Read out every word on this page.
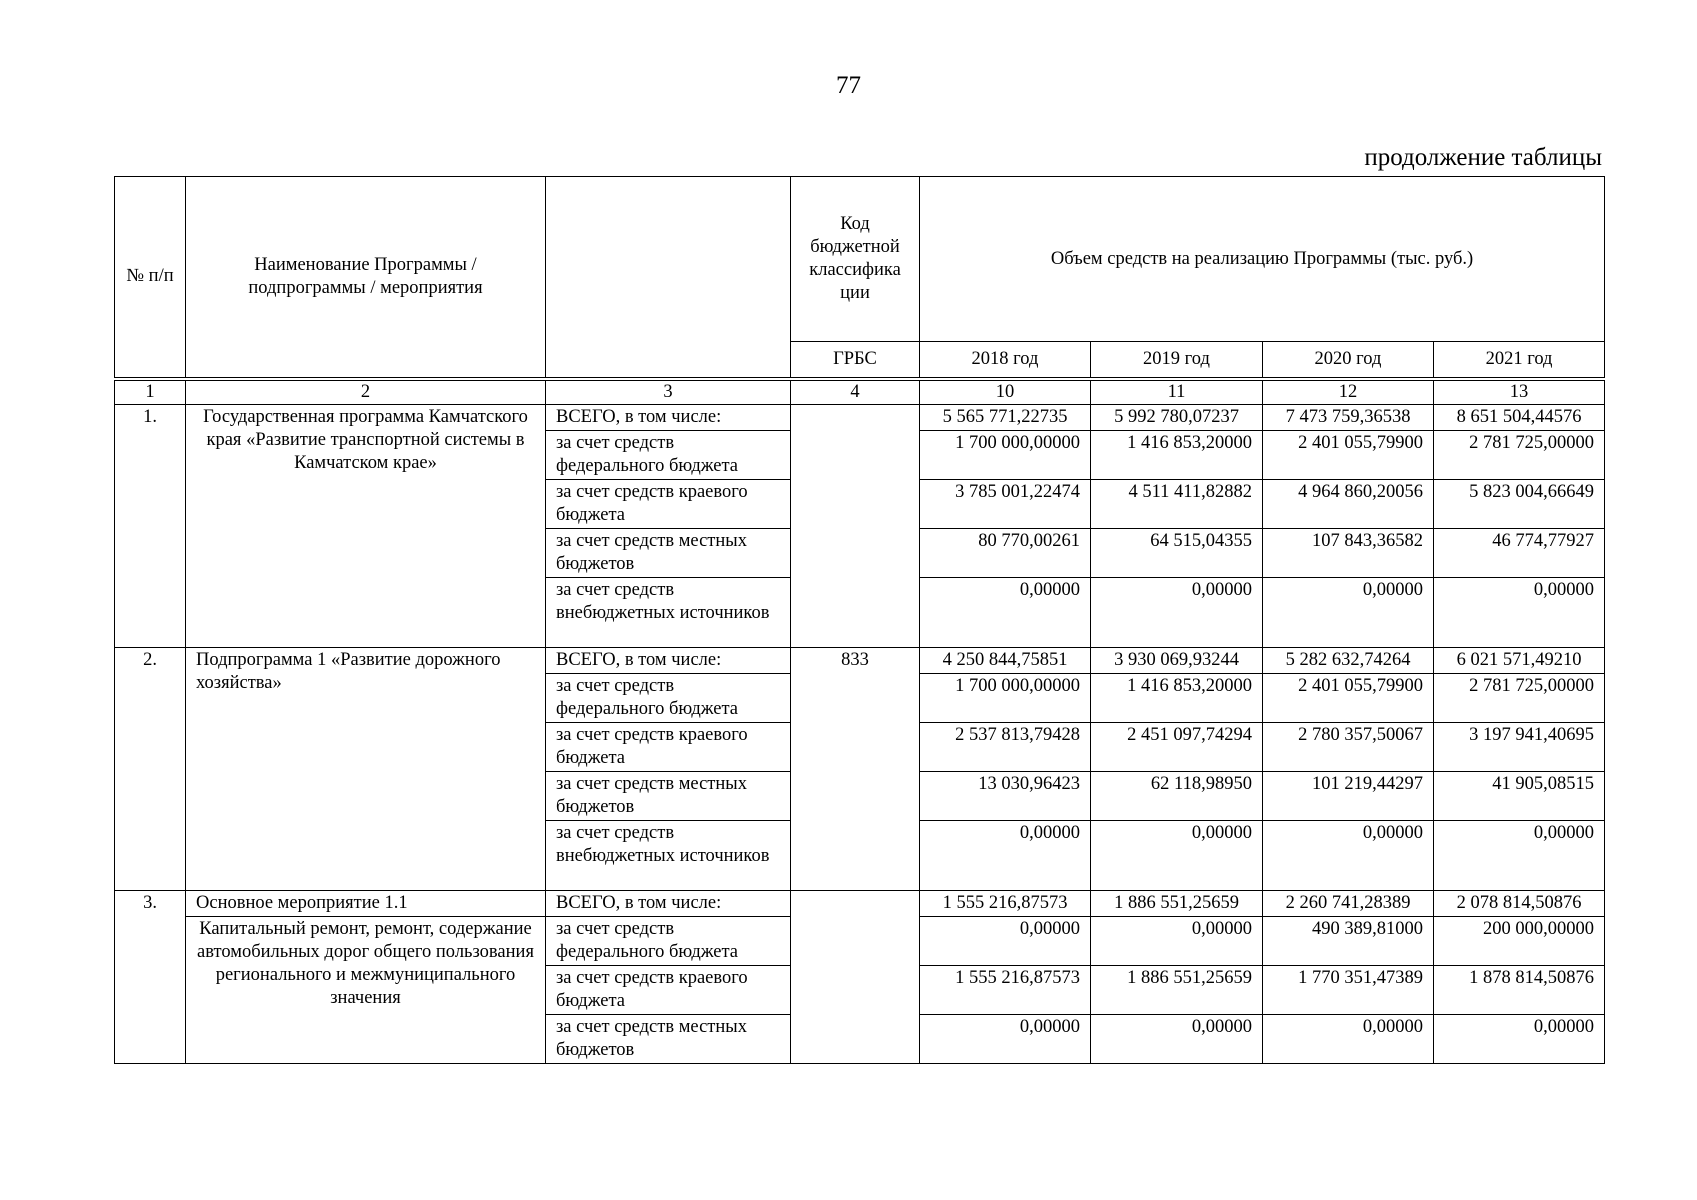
77
продолжение таблицы
№ п/п	Наименование Программы / подпрограммы / мероприятия		Код бюджетной классифика ции	Объем средств на реализацию Программы (тыс. руб.)			
			ГРБС	2018 год	2019 год	2020 год	2021 год
1	2	3	4	10	11	12	13
1.	Государственная программа Камчатского края «Развитие транспортной системы в Камчатском крае»	ВСЕГО, в том числе:		5 565 771,22735	5 992 780,07237	7 473 759,36538	8 651 504,44576
		за счет средств федерального бюджета		1 700 000,00000	1 416 853,20000	2 401 055,79900	2 781 725,00000
		за счет средств краевого бюджета		3 785 001,22474	4 511 411,82882	4 964 860,20056	5 823 004,66649
		за счет средств местных бюджетов		80 770,00261	64 515,04355	107 843,36582	46 774,77927
		за счет средств внебюджетных источников		0,00000	0,00000	0,00000	0,00000
2.	Подпрограмма 1 «Развитие дорожного хозяйства»	ВСЕГО, в том числе:	833	4 250 844,75851	3 930 069,93244	5 282 632,74264	6 021 571,49210
		за счет средств федерального бюджета		1 700 000,00000	1 416 853,20000	2 401 055,79900	2 781 725,00000
		за счет средств краевого бюджета		2 537 813,79428	2 451 097,74294	2 780 357,50067	3 197 941,40695
		за счет средств местных бюджетов		13 030,96423	62 118,98950	101 219,44297	41 905,08515
		за счет средств внебюджетных источников		0,00000	0,00000	0,00000	0,00000
3.	Основное мероприятие 1.1	ВСЕГО, в том числе:		1 555 216,87573	1 886 551,25659	2 260 741,28389	2 078 814,50876
	Капитальный ремонт, ремонт, содержание автомобильных дорог общего пользования регионального и межмуниципального значения	за счет средств федерального бюджета		0,00000	0,00000	490 389,81000	200 000,00000
		за счет средств краевого бюджета		1 555 216,87573	1 886 551,25659	1 770 351,47389	1 878 814,50876
		за счет средств местных бюджетов		0,00000	0,00000	0,00000	0,00000
